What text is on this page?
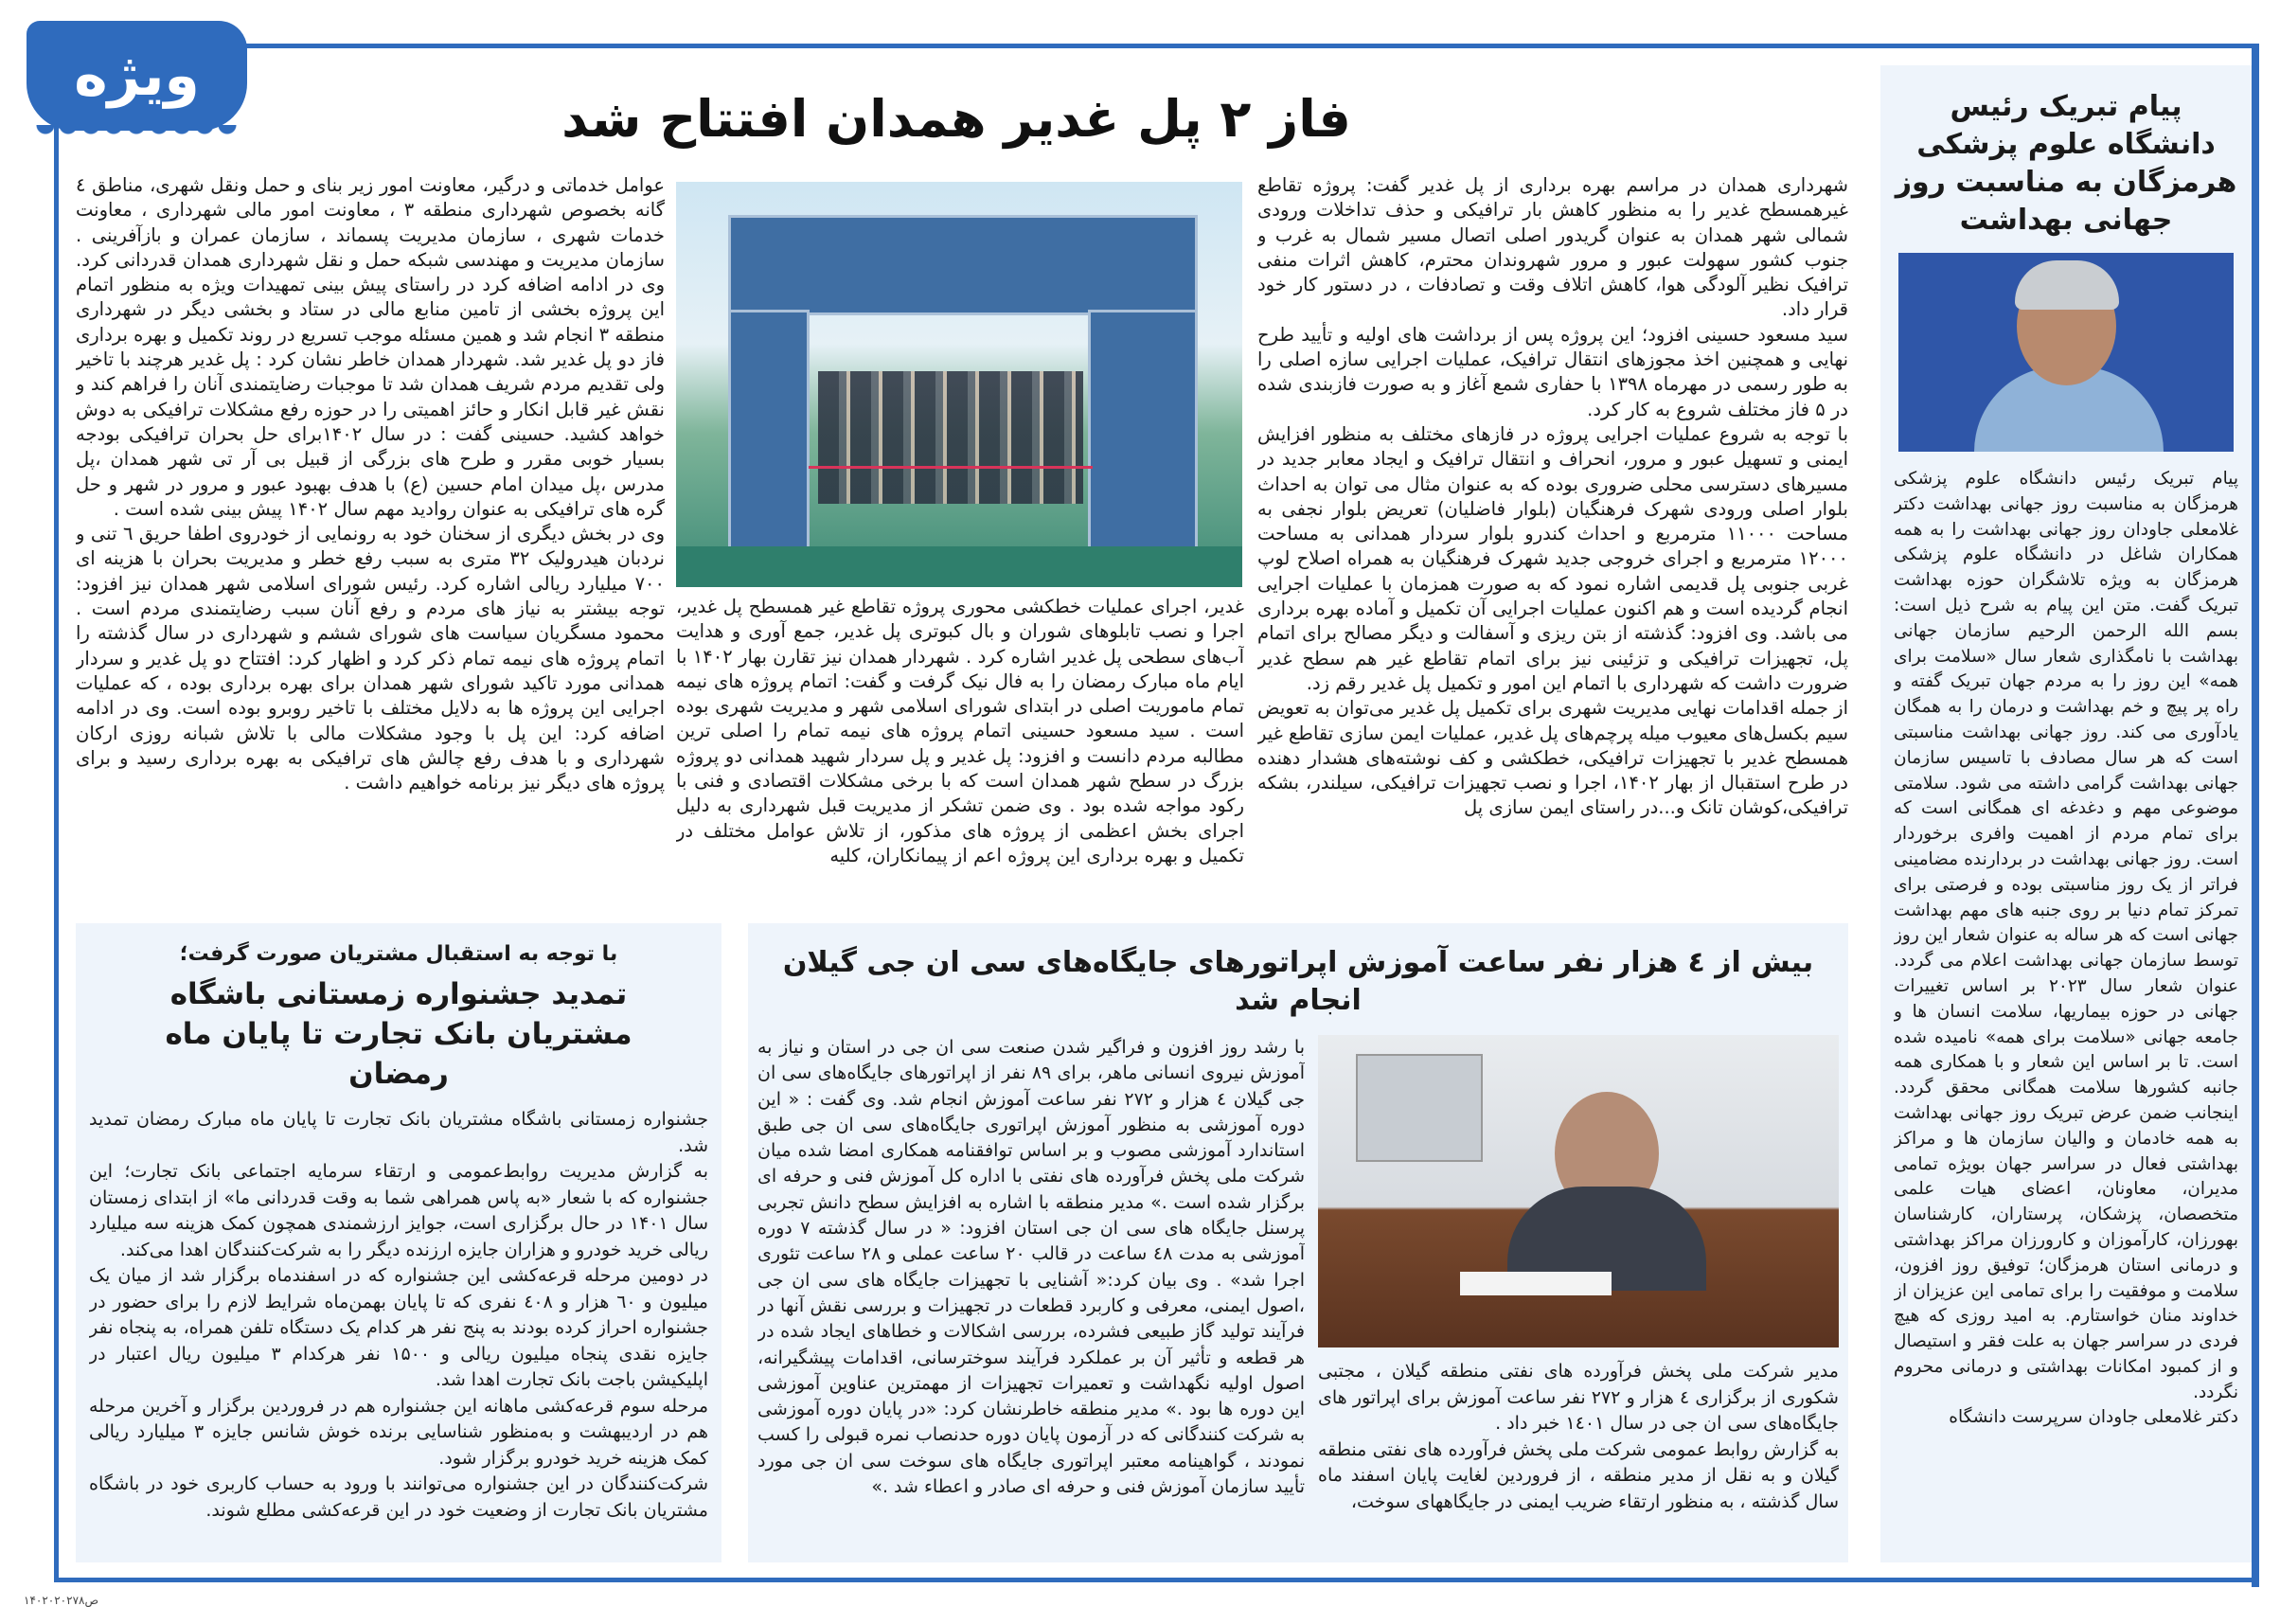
ویژه
فاز ۲ پل غدیر همدان افتتاح شد

شهرداری همدان در مراسم بهره برداری از پل غدیر گفت: پروژه تقاطع غیرهمسطح غدیر را به منظور کاهش بار ترافیکی و حذف تداخلات ورودی شمالی شهر همدان به عنوان گریدور اصلی اتصال مسیر شمال به غرب و جنوب کشور سهولت عبور و مرور شهروندان محترم، کاهش اثرات منفی ترافیک نظیر آلودگی هوا، کاهش اتلاف وقت و تصادفات ، در دستور کار خود قرار داد.

سید مسعود حسینی افزود؛ این پروژه پس از برداشت های اولیه و تأیید طرح نهایی و همچنین اخذ مجوزهای انتقال ترافیک، عملیات اجرایی سازه اصلی را به طور رسمی در مهرماه ۱۳۹۸ با حفاری شمع آغاز و به صورت فازبندی شده در ۵ فاز مختلف شروع به کار کرد.

با توجه به شروع عملیات اجرایی پروژه در فازهای مختلف به منظور افزایش ایمنی و تسهیل عبور و مرور، انحراف و انتقال ترافیک و ایجاد معابر جدید در مسیرهای دسترسی محلی ضروری بوده که به عنوان مثال می توان به احداث بلوار اصلی ورودی شهرک فرهنگیان (بلوار فاضلیان) تعریض بلوار نجفی به مساحت ۱۱۰۰۰ مترمربع و احداث کندرو بلوار سردار همدانی به مساحت ۱۲۰۰۰ مترمربع و اجرای خروجی جدید شهرک فرهنگیان به همراه اصلاح لوپ غربی جنوبی پل قدیمی اشاره نمود که به صورت همزمان با عملیات اجرایی انجام گردیده است و هم اکنون عملیات اجرایی آن تکمیل و آماده بهره برداری می باشد. وی افزود: گذشته از بتن ریزی و آسفالت و دیگر مصالح برای اتمام پل، تجهیزات ترافیکی و تزئینی نیز برای اتمام تقاطع غیر هم سطح غدیر ضرورت داشت که شهرداری با اتمام این امور و تکمیل پل غدیر رقم زد.

از جمله اقدامات نهایی مدیریت شهری برای تکمیل پل غدیر می‌توان به تعویض سیم بکسل‌های معیوب میله پرچم‌های پل غدیر، عملیات ایمن سازی تقاطع غیر همسطح غدیر با تجهیزات ترافیکی، خطکشی و کف نوشته‌های هشدار دهنده در طرح استقبال از بهار ۱۴۰۲، اجرا و نصب تجهیزات ترافیکی، سیلندر، بشکه ترافیکی،کوشان تانک و...در راستای ایمن سازی پل

غدیر، اجرای عملیات خطکشی محوری پروژه تقاطع غیر همسطح پل غدیر، اجرا و نصب تابلوهای شوران و بال کبوتری پل غدیر، جمع آوری و هدایت آب‌های سطحی پل غدیر اشاره کرد . شهردار همدان نیز تقارن بهار ۱۴۰۲ با ایام ماه مبارک رمضان را به فال نیک گرفت و گفت: اتمام پروژه های نیمه تمام ماموریت اصلی در ابتدای شورای اسلامی شهر و مدیریت شهری بوده است . سید مسعود حسینی اتمام پروژه های نیمه تمام را اصلی ترین مطالبه مردم دانست و افزود: پل غدیر و پل سردار شهید همدانی دو پروژه بزرگ در سطح شهر همدان است که با برخی مشکلات اقتصادی و فنی با رکود مواجه شده بود . وی ضمن تشکر از مدیریت قبل شهرداری به دلیل اجرای بخش اعظمی از پروژه های مذکور، از تلاش عوامل مختلف در تکمیل و بهره برداری این پروژه اعم از پیمانکاران، کلیه

عوامل خدماتی و درگیر، معاونت امور زیر بنای و حمل ونقل شهری، مناطق ٤ گانه بخصوص شهرداری منطقه ۳ ، معاونت امور مالی شهرداری ، معاونت خدمات شهری ، سازمان مدیریت پسماند ، سازمان عمران و بازآفرینی . سازمان مدیریت و مهندسی شبکه حمل و نقل شهرداری همدان قدردانی کرد. وی در ادامه اضافه کرد در راستای پیش بینی تمهیدات ویژه به منظور اتمام این پروژه بخشی از تامین منابع مالی در ستاد و بخشی دیگر در شهرداری منطقه ۳ انجام شد و همین مسئله موجب تسریع در روند تکمیل و بهره برداری فاز دو پل غدیر شد. شهردار همدان خاطر نشان کرد : پل غدیر هرچند با تاخیر ولی تقدیم مردم شریف همدان شد تا موجبات رضایتمندی آنان را فراهم کند و نقش غیر قابل انکار و حائز اهمیتی را در حوزه رفع مشکلات ترافیکی به دوش خواهد کشید. حسینی گفت : در سال ۱۴۰۲برای حل بحران ترافیکی بودجه بسیار خوبی مقرر و طرح های بزرگی از قبیل بی آر تی شهر همدان ،پل مدرس ،پل میدان امام حسین (ع) با هدف بهبود عبور و مرور در شهر و حل گره های ترافیکی به عنوان روادید مهم سال ۱۴۰۲ پیش بینی شده است .

وی در بخش دیگری از سخنان خود به رونمایی از خودروی اطفا حریق ٦ تنی و نردبان هیدرولیک ۳۲ متری به سبب رفع خطر و مدیریت بحران با هزینه ای ۷۰۰ میلیارد ریالی اشاره کرد. رئیس شورای اسلامی شهر همدان نیز افزود: توجه بیشتر به نیاز های مردم و رفع آنان سبب رضایتمندی مردم است . محمود مسگریان سیاست های شورای ششم و شهرداری در سال گذشته را اتمام پروژه های نیمه تمام ذکر کرد و اظهار کرد: افتتاح دو پل غدیر و سردار همدانی مورد تاکید شورای شهر همدان برای بهره برداری بوده ، که عملیات اجرایی این پروژه ها به دلایل مختلف با تاخیر روبرو بوده است. وی در ادامه اضافه کرد: این پل با وجود مشکلات مالی با تلاش شبانه روزی ارکان شهرداری و با هدف رفع چالش های ترافیکی به بهره برداری رسید و برای پروژه های دیگر نیز برنامه خواهیم داشت .

پیام تبریک رئیس دانشگاه علوم پزشکی هرمزگان به مناسبت روز جهانی بهداشت

پیام تبریک رئیس دانشگاه علوم پزشکی هرمزگان به مناسبت روز جهانی بهداشت دکتر غلامعلی جاودان روز جهانی بهداشت را به همه همکاران شاغل در دانشگاه علوم پزشکی هرمزگان به ویژه تلاشگران حوزه بهداشت تبریک گفت. متن این پیام به شرح ذیل است: بسم الله الرحمن الرحیم سازمان جهانی بهداشت با نامگذاری شعار سال «سلامت برای همه» این روز را به مردم جهان تبریک گفته و راه پر پیچ و خم بهداشت و درمان را به همگان یادآوری می کند. روز جهانی بهداشت مناسبتی است که هر سال مصادف با تاسیس سازمان جهانی بهداشت گرامی داشته می شود. سلامتی موضوعی مهم و دغدغه ای همگانی است که برای تمام مردم از اهمیت وافری برخوردار است. روز جهانی بهداشت در بردارنده مضامینی فراتر از یک روز مناسبتی بوده و فرصتی برای تمرکز تمام دنیا بر روی جنبه های مهم بهداشت جهانی است که هر ساله به عنوان شعار این روز توسط سازمان جهانی بهداشت اعلام می گردد. عنوان شعار سال ۲۰۲۳ بر اساس تغییرات جهانی در حوزه بیماریها، سلامت انسان ها و جامعه جهانی «سلامت برای همه» نامیده شده است. تا بر اساس این شعار و با همکاری همه جانبه کشورها سلامت همگانی محقق گردد. اینجانب ضمن عرض تبریک روز جهانی بهداشت به همه خادمان و والیان سازمان ها و مراکز بهداشتی فعال در سراسر جهان بویژه تمامی مدیران، معاونان، اعضای هیات علمی متخصصان، پزشکان، پرستاران، کارشناسان بهورزان، کارآموزان و کارورزان مراکز بهداشتی و درمانی استان هرمزگان؛ توفیق روز افزون، سلامت و موفقیت را برای تمامی این عزیزان از خداوند منان خواستارم. به امید روزی که هیچ فردی در سراسر جهان به علت فقر و استیصال و از کمبود امکانات بهداشتی و درمانی محروم نگردد.

دکتر غلامعلی جاودان سرپرست دانشگاه

با توجه به استقبال مشتریان صورت گرفت؛
تمدید جشنواره زمستانی باشگاه مشتریان بانک تجارت تا پایان ماه رمضان

جشنواره زمستانی باشگاه مشتریان بانک تجارت تا پایان ماه مبارک رمضان تمدید شد.

به گزارش مدیریت روابط‌عمومی و ارتقاء سرمایه اجتماعی بانک تجارت؛ این جشنواره که با شعار «به پاس همراهی شما به وقت قدردانی ما» از ابتدای زمستان سال ۱۴۰۱ در حال برگزاری است، جوایز ارزشمندی همچون کمک هزینه سه میلیارد ریالی خرید خودرو و هزاران جایزه ارزنده دیگر را به شرکت‌کنندگان اهدا می‌کند.

در دومین مرحله قرعه‌کشی این جشنواره که در اسفندماه برگزار شد از میان یک میلیون و ٦٠ هزار و ٤٠٨ نفری که تا پایان بهمن‌ماه شرایط لازم را برای حضور در جشنواره احراز کرده بودند به پنج نفر هر کدام یک دستگاه تلفن همراه، به پنجاه نفر جایزه نقدی پنجاه میلیون ریالی و ۱۵۰۰ نفر هرکدام ۳ میلیون ریال اعتبار در اپلیکیشن باجت بانک تجارت اهدا شد.

مرحله سوم قرعه‌کشی ماهانه این جشنواره هم در فروردین برگزار و آخرین مرحله هم در اردیبهشت و به‌منظور شناسایی برنده خوش شانس جایزه ۳ میلیارد ریالی کمک هزینه خرید خودرو برگزار شود.

شرکت‌کنندگان در این جشنواره می‌توانند با ورود به حساب کاربری خود در باشگاه مشتریان بانک تجارت از وضعیت خود در این قرعه‌کشی مطلع شوند.

بیش از ٤ هزار نفر ساعت آموزش اپراتورهای جایگاه‌های سی ان جی گیلان انجام شد

با رشد روز افزون و فراگیر شدن صنعت سی ان جی در استان و نیاز به آموزش نیروی انسانی ماهر، برای ۸۹ نفر از اپراتورهای جایگاه‌های سی ان جی گیلان ٤ هزار و ۲۷۲ نفر ساعت آموزش انجام شد. وی گفت : « این دوره آموزشی به منظور آموزش اپراتوری جایگاه‌های سی ان جی طبق استاندارد آموزشی مصوب و بر اساس توافقنامه همکاری امضا شده میان شرکت ملی پخش فرآورده های نفتی با اداره کل آموزش فنی و حرفه ای برگزار شده است .» مدیر منطقه با اشاره به افزایش سطح دانش تجربی پرسنل جایگاه های سی ان جی استان افزود: « در سال گذشته ۷ دوره آموزشی به مدت ٤٨ ساعت در قالب ۲۰ ساعت عملی و ۲۸ ساعت تئوری اجرا شد» . وی بیان کرد:« آشنایی با تجهیزات جایگاه های سی ان جی ،اصول ایمنی، معرفی و کاربرد قطعات در تجهیزات و بررسی نقش آنها در فرآیند تولید گاز طبیعی فشرده، بررسی اشکالات و خطاهای ایجاد شده در هر قطعه و تأثیر آن بر عملکرد فرآیند سوخترسانی، اقدامات پیشگیرانه، اصول اولیه نگهداشت و تعمیرات تجهیزات از مهمترین عناوین آموزشی این دوره ها بود .» مدیر منطقه خاطرنشان کرد: «در پایان دوره آموزشی به شرکت کنندگانی که در آزمون پایان دوره حدنصاب نمره قبولی را کسب نمودند ، گواهینامه معتبر اپراتوری جایگاه های سوخت سی ان جی مورد تأیید سازمان آموزش فنی و حرفه ای صادر و اعطاء شد .»

مدیر شرکت ملی پخش فرآورده های نفتی منطقه گیلان ، مجتبی شکوری از برگزاری ٤ هزار و ۲۷۲ نفر ساعت آموزش برای اپراتور های جایگاه‌های سی ان جی در سال ۱٤۰۱ خبر داد .

به گزارش روابط عمومی شرکت ملی پخش فرآورده های نفتی منطقه گیلان و به نقل از مدیر منطقه ، از فروردین لغایت پایان اسفند ماه سال گذشته ، به منظور ارتقاء ضریب ایمنی در جایگاههای سوخت،

ص۱۴۰۲۰۲۰۲۷۸
